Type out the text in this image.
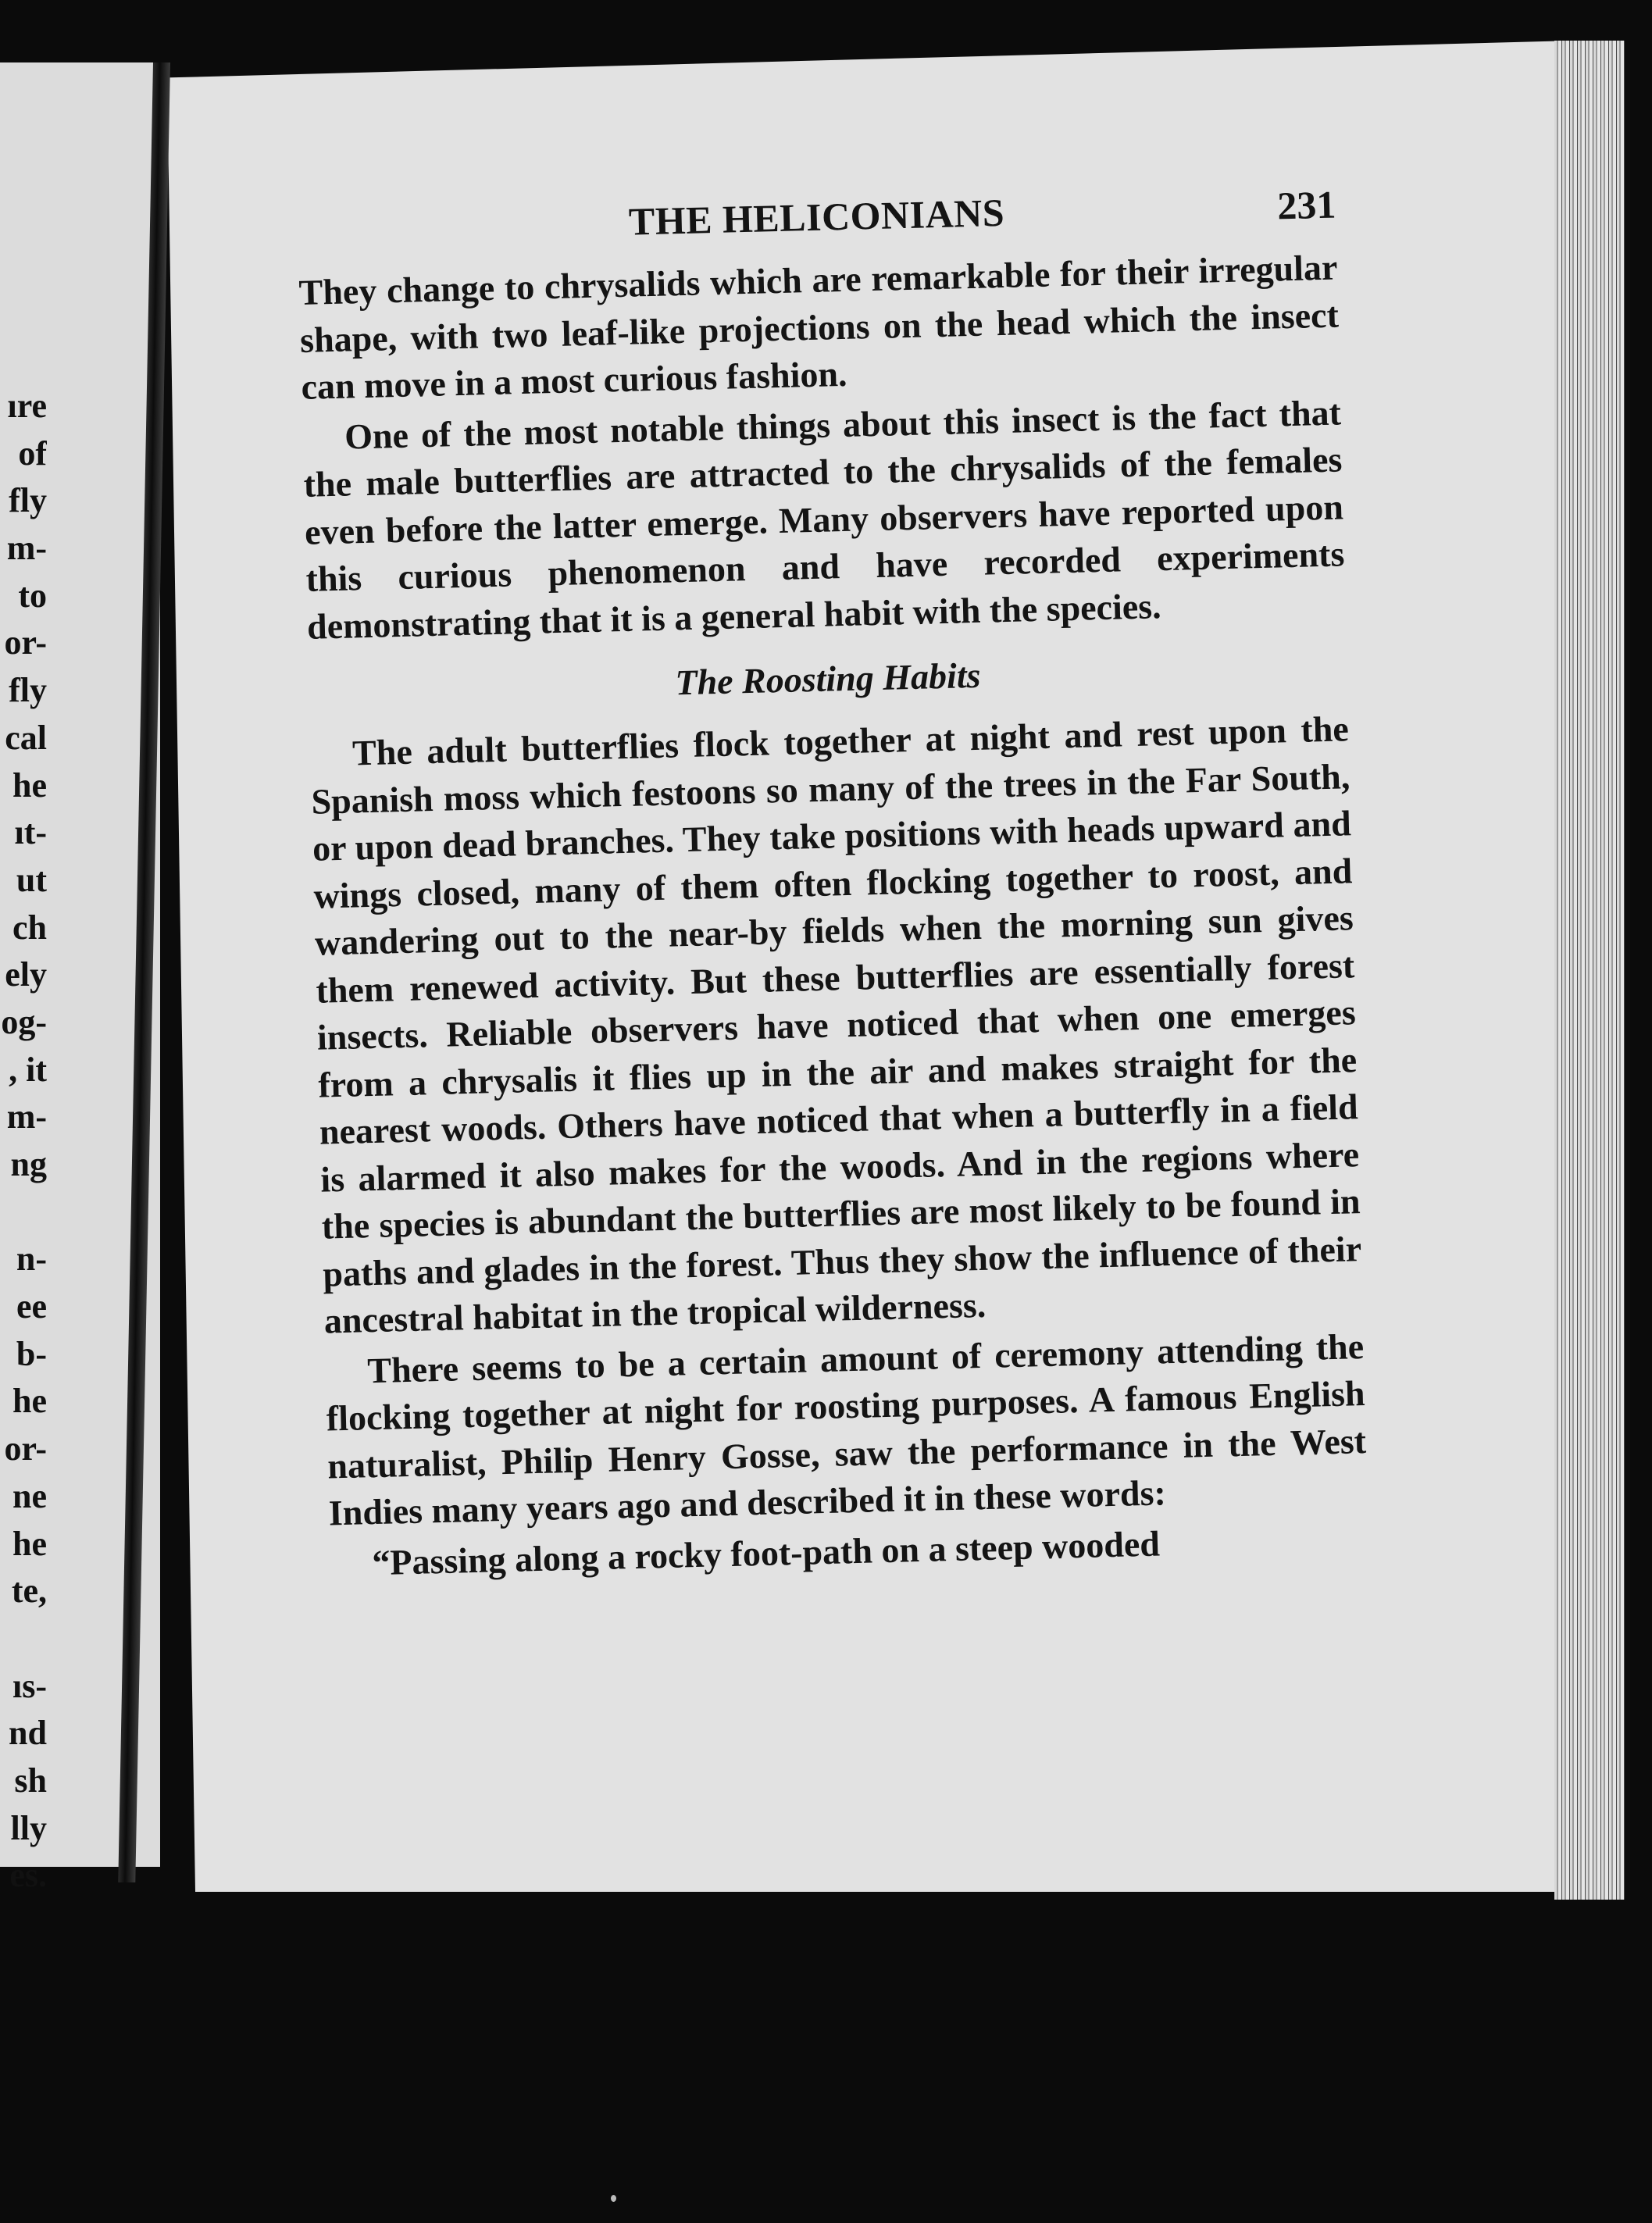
ıre
of
fly
m-
to
or-
fly
cal
he
ıt-
ut
ch
ely
og-
, it
m-
ng
n-
ee
b-
he
or-
ne
he
te,
ıs-
nd
sh
lly
es.
THE HELICONIANS	231

They change to chrysalids which are remarkable for their irregular shape, with two leaf-like projections on the head which the insect can move in a most curious fashion.

One of the most notable things about this insect is the fact that the male butterflies are attracted to the chrysalids of the females even before the latter emerge. Many observers have reported upon this curious phenomenon and have recorded experiments demonstrating that it is a general habit with the species.

The Roosting Habits

The adult butterflies flock together at night and rest upon the Spanish moss which festoons so many of the trees in the Far South, or upon dead branches. They take positions with heads upward and wings closed, many of them often flocking together to roost, and wandering out to the near-by fields when the morning sun gives them renewed activity. But these butterflies are essentially forest insects. Reliable observers have noticed that when one emerges from a chrysalis it flies up in the air and makes straight for the nearest woods. Others have noticed that when a butterfly in a field is alarmed it also makes for the woods. And in the regions where the species is abundant the butterflies are most likely to be found in paths and glades in the forest. Thus they show the influence of their ancestral habitat in the tropical wilderness.

There seems to be a certain amount of ceremony attending the flocking together at night for roosting purposes. A famous English naturalist, Philip Henry Gosse, saw the performance in the West Indies many years ago and described it in these words:

“Passing along a rocky foot-path on a steep wooded
